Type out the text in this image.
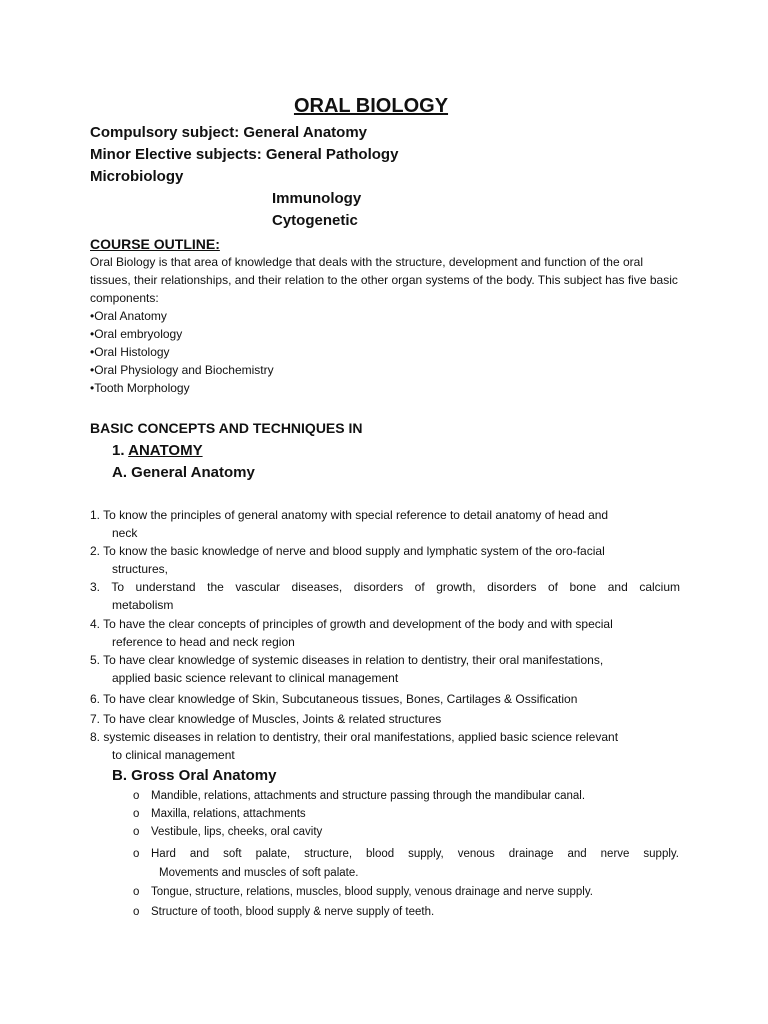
ORAL BIOLOGY
Compulsory subject: General Anatomy
Minor Elective subjects: General Pathology
Microbiology
Immunology
Cytogenetic
COURSE OUTLINE:
Oral Biology is that area of knowledge that deals with the structure, development and function of the oral tissues, their relationships, and their relation to the other organ systems of the body. This subject has five basic components:
•Oral Anatomy
•Oral embryology
•Oral Histology
•Oral Physiology and Biochemistry
•Tooth Morphology
BASIC CONCEPTS AND TECHNIQUES IN
1. ANATOMY
A. General Anatomy
1. To know the principles of general anatomy with special reference to detail anatomy of head and
neck
2. To know the basic knowledge of nerve and blood supply and lymphatic system of the oro-facial
structures,
3. To understand the vascular diseases, disorders of growth, disorders of bone and calcium
metabolism
4. To have the clear concepts of principles of growth and development of the body and with special
reference to head and neck region
5. To have clear knowledge of systemic diseases in relation to dentistry, their oral manifestations,
applied basic science relevant to clinical management
6. To have clear knowledge of Skin, Subcutaneous tissues, Bones, Cartilages & Ossification
7. To have clear knowledge of Muscles, Joints & related structures
8. systemic diseases in relation to dentistry, their oral manifestations, applied basic science relevant
to clinical management
B. Gross Oral Anatomy
o Mandible, relations, attachments and structure passing through the mandibular canal.
o Maxilla, relations, attachments
o Vestibule, lips, cheeks, oral cavity
o Hard and soft palate, structure, blood supply, venous drainage and nerve supply.
Movements and muscles of soft palate.
o Tongue, structure, relations, muscles, blood supply, venous drainage and nerve supply.
o Structure of tooth, blood supply & nerve supply of teeth.
